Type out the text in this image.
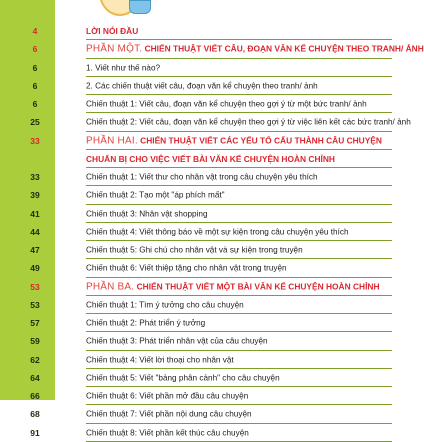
4	LỜI NÓI ĐẦU
6	PHẦN MỘT. CHIẾN THUẬT VIẾT CÂU, ĐOẠN VĂN KỂ CHUYỆN THEO TRANH/ ẢNH
6	1. Viết như thế nào?
6	2. Các chiến thuật viết câu, đoạn văn kể chuyện theo tranh/ ảnh
6	Chiến thuật 1: Viết câu, đoạn văn kể chuyện theo gợi ý từ một bức tranh/ ảnh
25	Chiến thuật 2: Viết câu, đoạn văn kể chuyện theo gợi ý từ việc liên kết các bức tranh/ ảnh
33	PHẦN HAI. CHIẾN THUẬT VIẾT CÁC YẾU TỐ CẤU THÀNH CÂU CHUYỆN
CHUẨN BỊ CHO VIỆC VIẾT BÀI VĂN KỂ CHUYỆN HOÀN CHỈNH
33	Chiến thuật 1: Viết thư cho nhân vật trong câu chuyện yêu thích
39	Chiến thuật 2: Tạo một "áp phích mất"
41	Chiến thuật 3: Nhân vật shopping
44	Chiến thuật 4: Viết thông báo về một sự kiện trong câu chuyện yêu thích
47	Chiến thuật 5: Ghi chú cho nhân vật và sự kiện trong truyện
49	Chiến thuật 6: Viết thiệp tặng cho nhân vật trong truyện
53	PHẦN BA. CHIẾN THUẬT VIẾT MỘT BÀI VĂN KỂ CHUYỆN HOÀN CHỈNH
53	Chiến thuật 1: Tìm ý tưởng cho câu chuyện
57	Chiến thuật 2: Phát triển ý tưởng
59	Chiến thuật 3: Phát triển nhân vật của câu chuyện
62	Chiến thuật 4: Viết lời thoại cho nhân vật
64	Chiến thuật 5: Viết "bảng phân cảnh" cho câu chuyện
66	Chiến thuật 6: Viết phần mở đầu câu chuyện
68	Chiến thuật 7: Viết phần nội dung câu chuyện
91	Chiến thuật 8: Viết phần kết thúc câu chuyện
